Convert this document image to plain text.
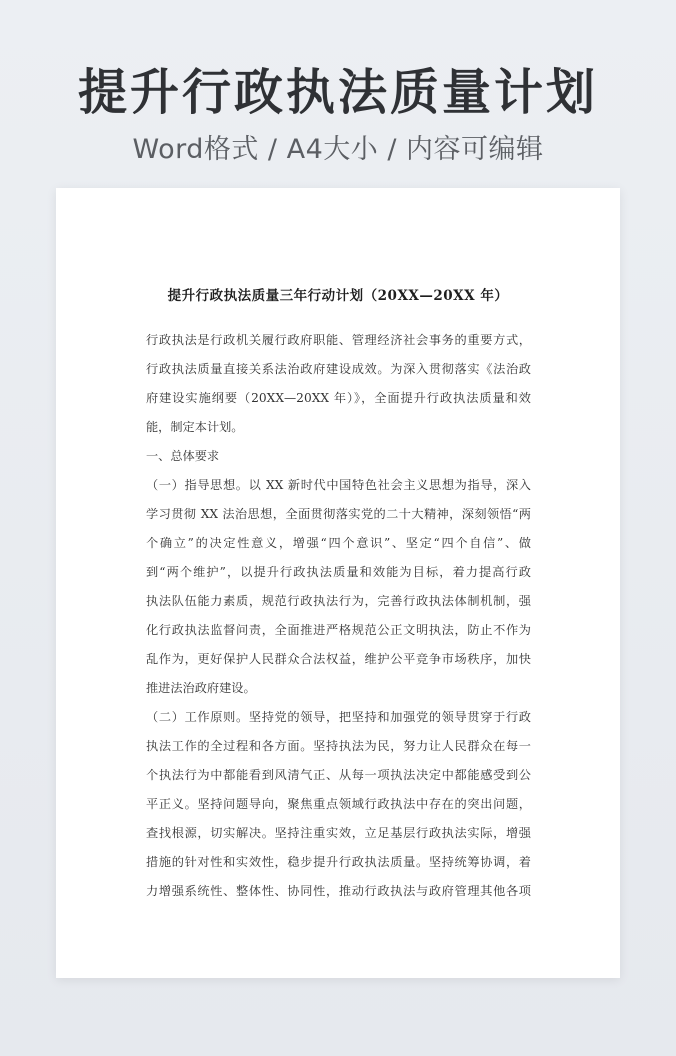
提升行政执法质量计划
Word格式 / A4大小 / 内容可编辑
提升行政执法质量三年行动计划（20XX—20XX 年）
行政执法是行政机关履行政府职能、管理经济社会事务的重要方式，
行政执法质量直接关系法治政府建设成效。为深入贯彻落实《法治政
府建设实施纲要（20XX—20XX 年）》，全面提升行政执法质量和效
能，制定本计划。
一、总体要求
（一）指导思想。以 XX 新时代中国特色社会主义思想为指导，深入
学习贯彻 XX 法治思想，全面贯彻落实党的二十大精神，深刻领悟“两
个确立”的决定性意义，增强“四个意识”、坚定“四个自信”、做
到“两个维护”，以提升行政执法质量和效能为目标，着力提高行政
执法队伍能力素质，规范行政执法行为，完善行政执法体制机制，强
化行政执法监督问责，全面推进严格规范公正文明执法，防止不作为
乱作为，更好保护人民群众合法权益，维护公平竞争市场秩序，加快
推进法治政府建设。
（二）工作原则。坚持党的领导，把坚持和加强党的领导贯穿于行政
执法工作的全过程和各方面。坚持执法为民，努力让人民群众在每一
个执法行为中都能看到风清气正、从每一项执法决定中都能感受到公
平正义。坚持问题导向，聚焦重点领域行政执法中存在的突出问题，
查找根源，切实解决。坚持注重实效，立足基层行政执法实际，增强
措施的针对性和实效性，稳步提升行政执法质量。坚持统筹协调，着
力增强系统性、整体性、协同性，推动行政执法与政府管理其他各项
